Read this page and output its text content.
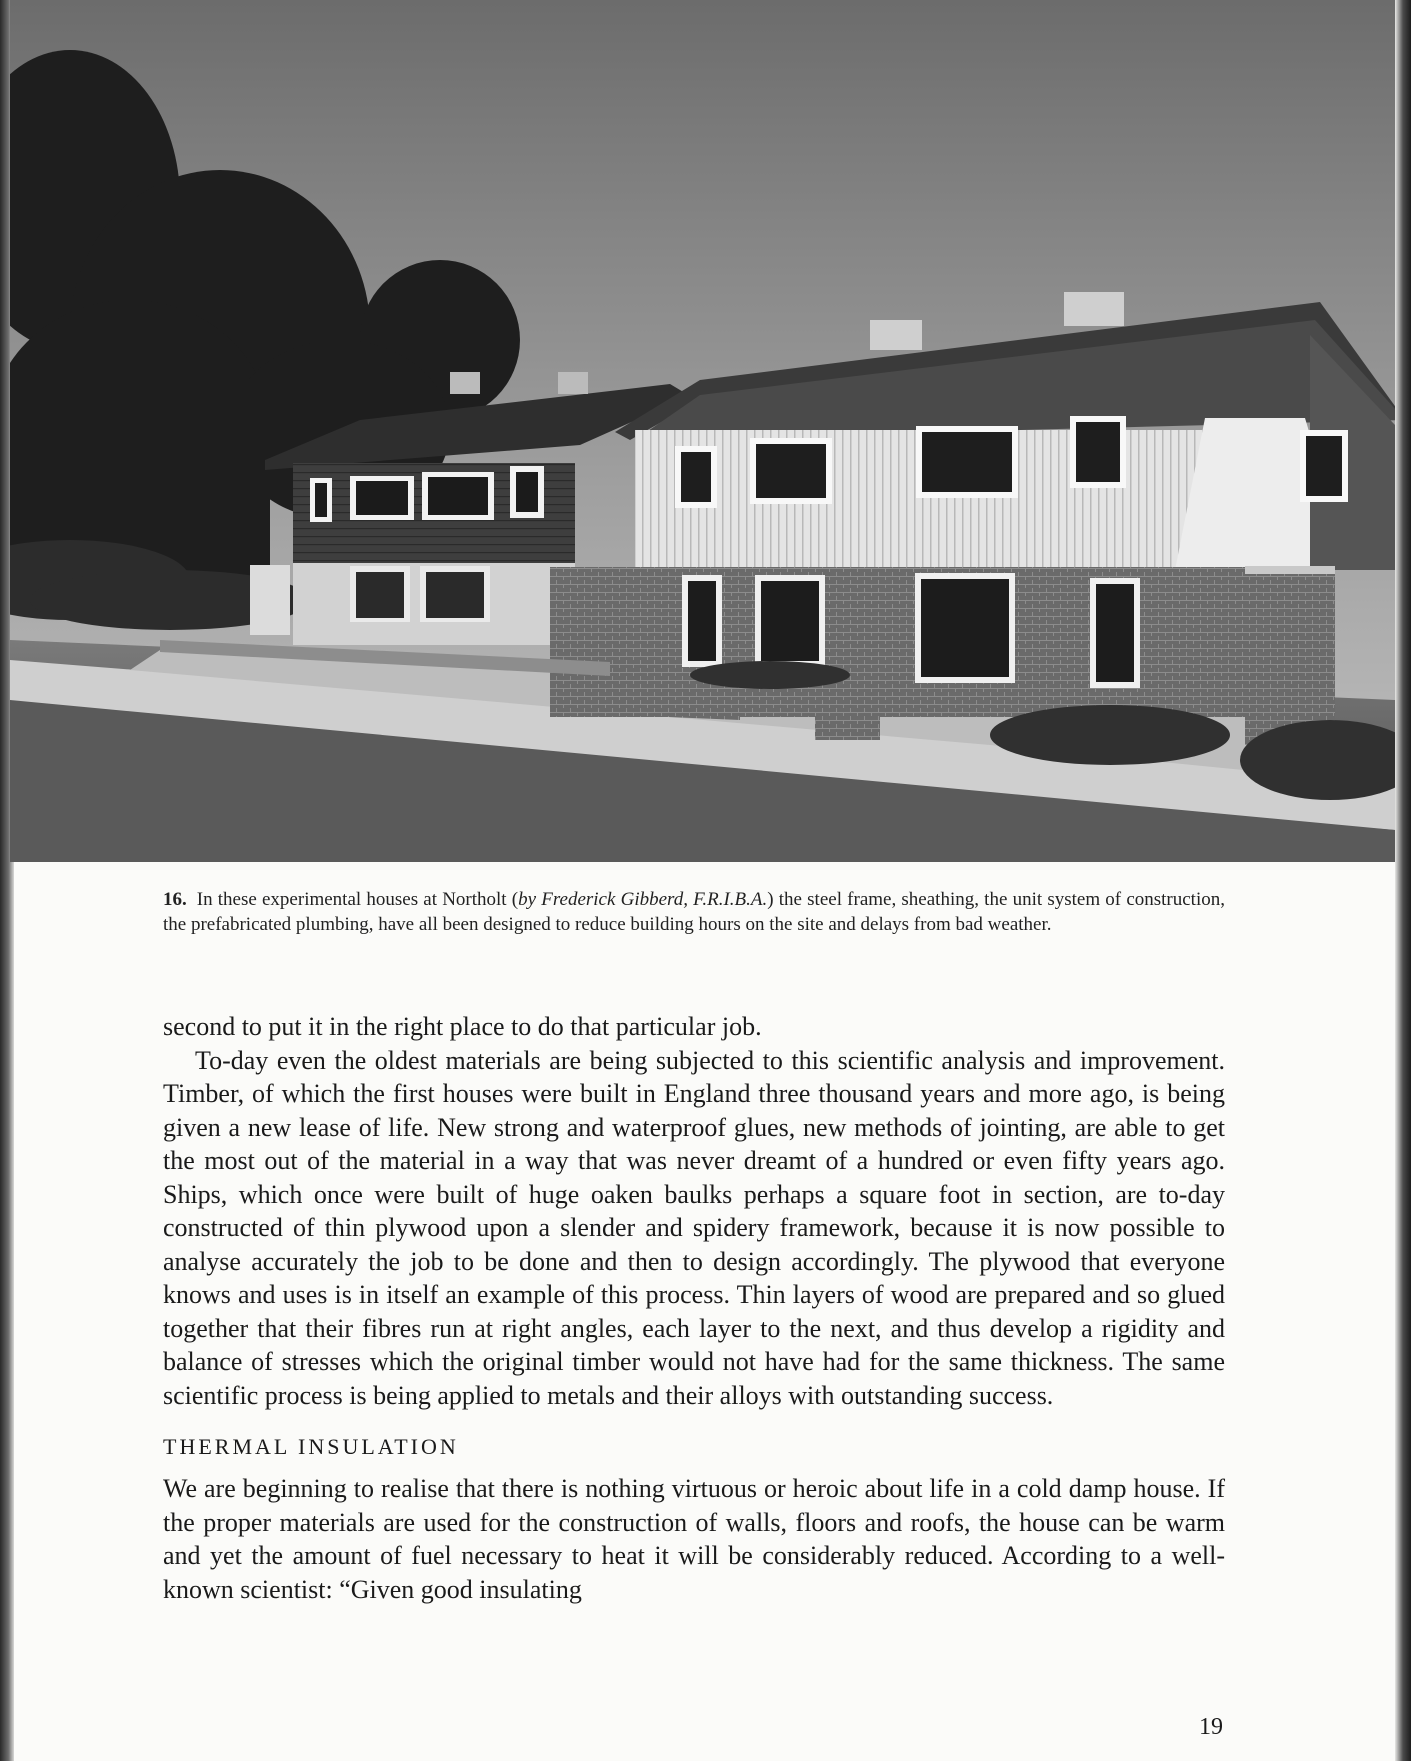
16. In these experimental houses at Northolt (by Frederick Gibberd, F.R.I.B.A.) the steel frame, sheathing, the unit system of construction, the prefabricated plumbing, have all been designed to reduce building hours on the site and delays from bad weather.

second to put it in the right place to do that particular job.

To-day even the oldest materials are being subjected to this scientific analysis and improvement. Timber, of which the first houses were built in England three thousand years and more ago, is being given a new lease of life. New strong and waterproof glues, new methods of jointing, are able to get the most out of the material in a way that was never dreamt of a hundred or even fifty years ago. Ships, which once were built of huge oaken baulks perhaps a square foot in section, are to-day constructed of thin plywood upon a slender and spidery framework, because it is now possible to analyse accurately the job to be done and then to design accordingly. The plywood that everyone knows and uses is in itself an example of this process. Thin layers of wood are prepared and so glued together that their fibres run at right angles, each layer to the next, and thus develop a rigidity and balance of stresses which the original timber would not have had for the same thickness. The same scientific process is being applied to metals and their alloys with outstanding success.

THERMAL INSULATION

We are beginning to realise that there is nothing virtuous or heroic about life in a cold damp house. If the proper materials are used for the construction of walls, floors and roofs, the house can be warm and yet the amount of fuel necessary to heat it will be considerably reduced. According to a well-known scientist: “Given good insulating

19
